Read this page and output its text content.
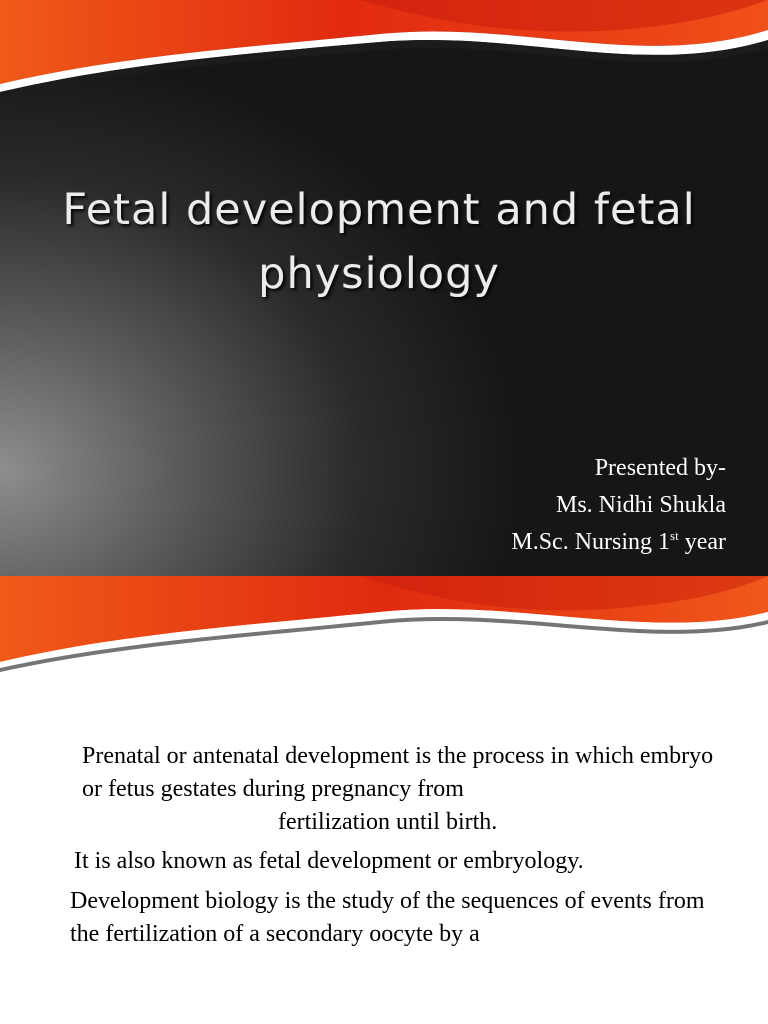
Fetal development and fetal
physiology
Presented by-
Ms. Nidhi Shukla
M.Sc. Nursing 1st year

Prenatal or antenatal development is the process in which embryo or fetus gestates during pregnancy from
fertilization until birth.

It is also known as fetal development or embryology.

Development biology is the study of the sequences of events from the fertilization of a secondary oocyte by a
